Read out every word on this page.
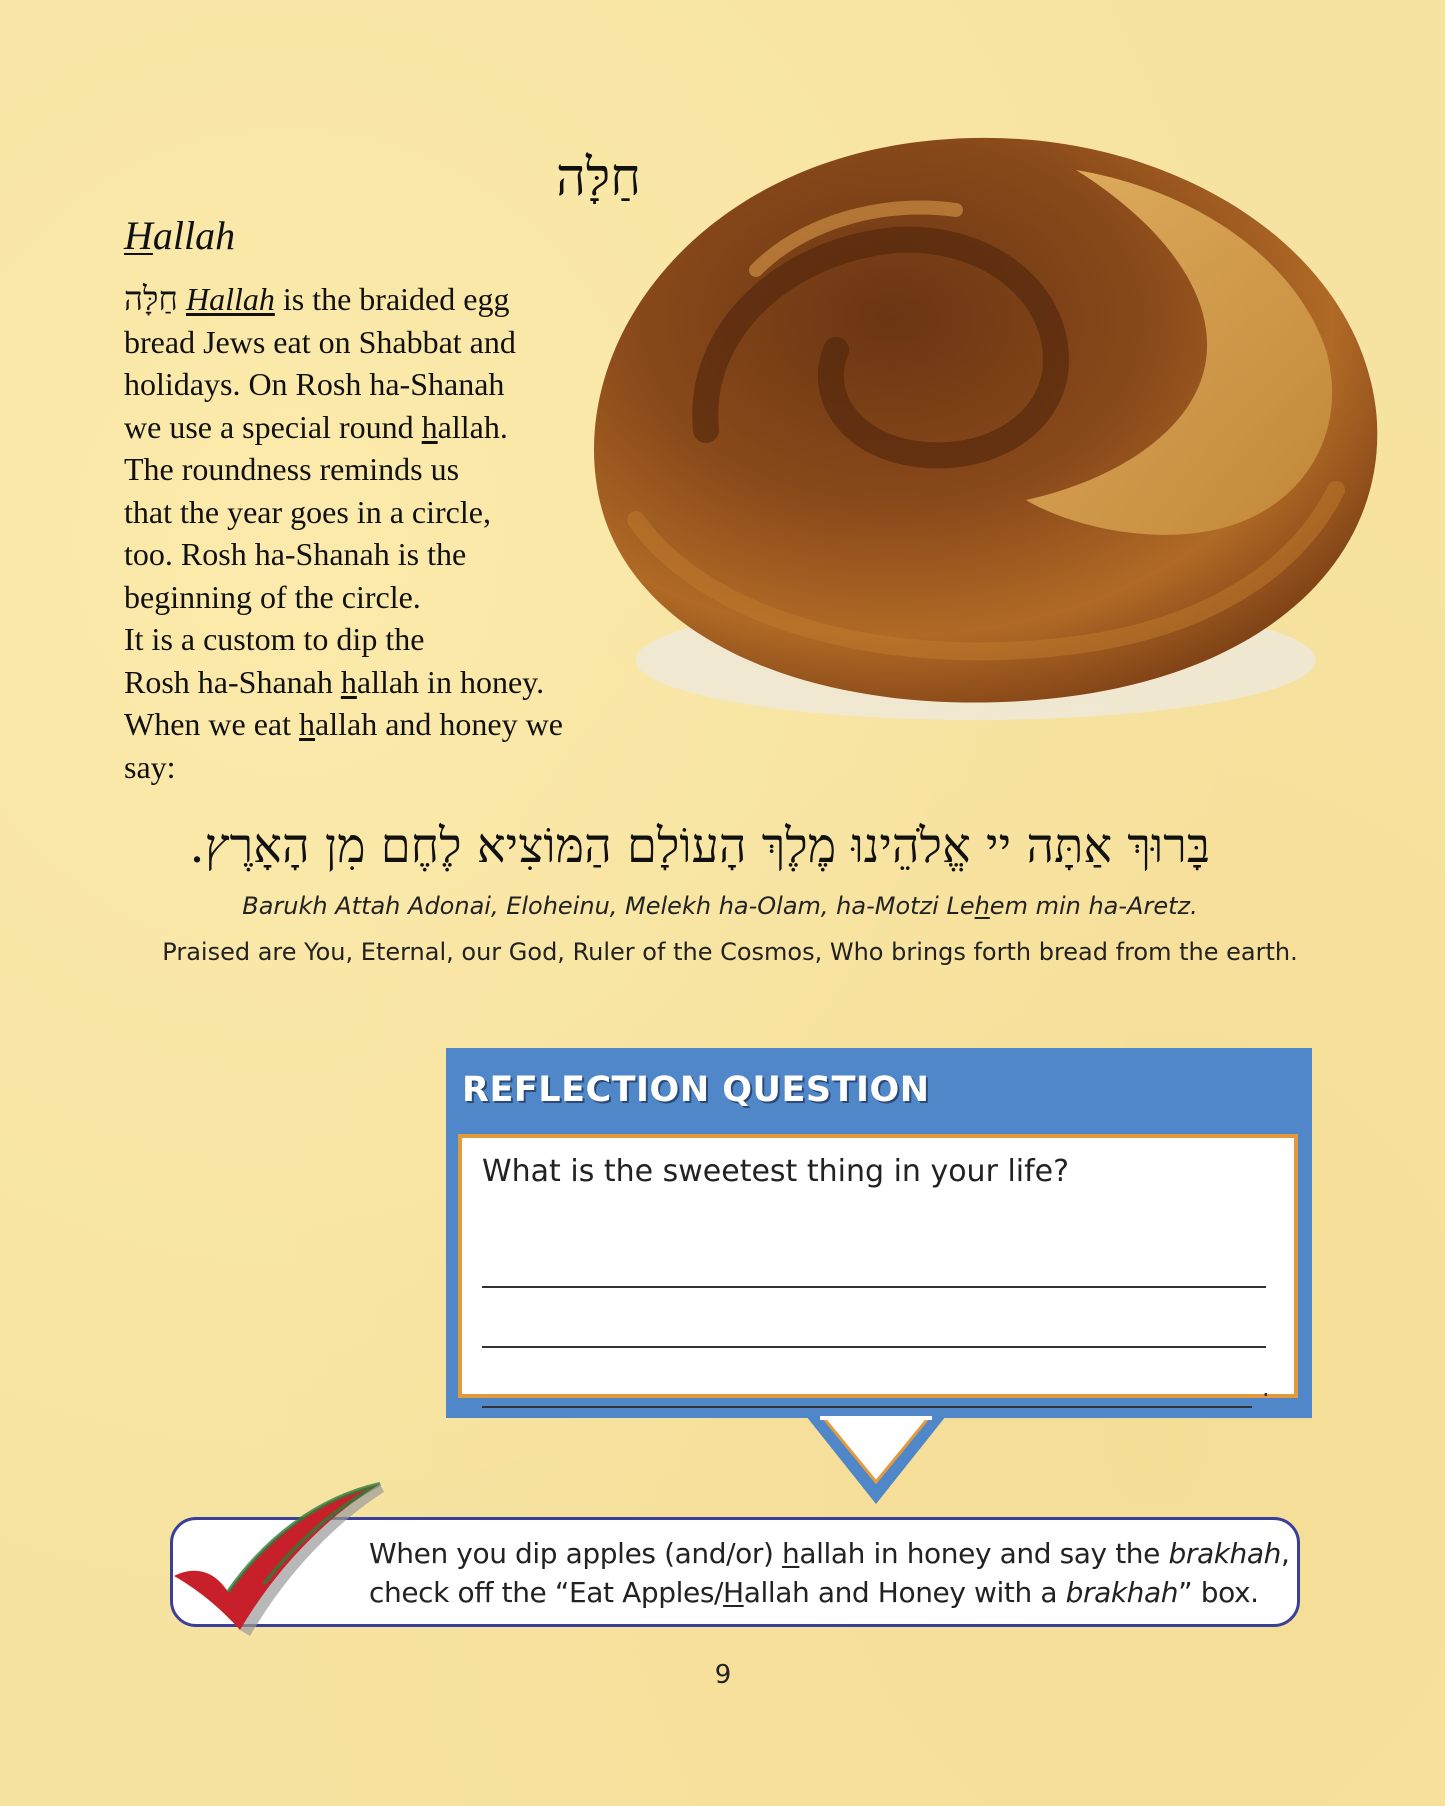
חַלָּה
Hallah
חַלָּה Hallah is the braided egg
bread Jews eat on Shabbat and
holidays. On Rosh ha-Shanah
we use a special round hallah.
The roundness reminds us
that the year goes in a circle,
too. Rosh ha-Shanah is the
beginning of the circle.
It is a custom to dip the
Rosh ha-Shanah hallah in honey.
When we eat hallah and honey we
say:
בָּרוּךְ אַתָּה יי אֱלֹהֵינוּ מֶלֶךְ הָעוֹלָם הַמּוֹצִיא לֶחֶם מִן הָאָרֶץ.
Barukh Attah Adonai, Eloheinu, Melekh ha-Olam, ha-Motzi Lehem min ha-Aretz.
Praised are You, Eternal, our God, Ruler of the Cosmos, Who brings forth bread from the earth.
REFLECTION QUESTION
What is the sweetest thing in your life?
.
When you dip apples (and/or) hallah in honey and say the brakhah,
check off the “Eat Apples/Hallah and Honey with a brakhah” box.
9
